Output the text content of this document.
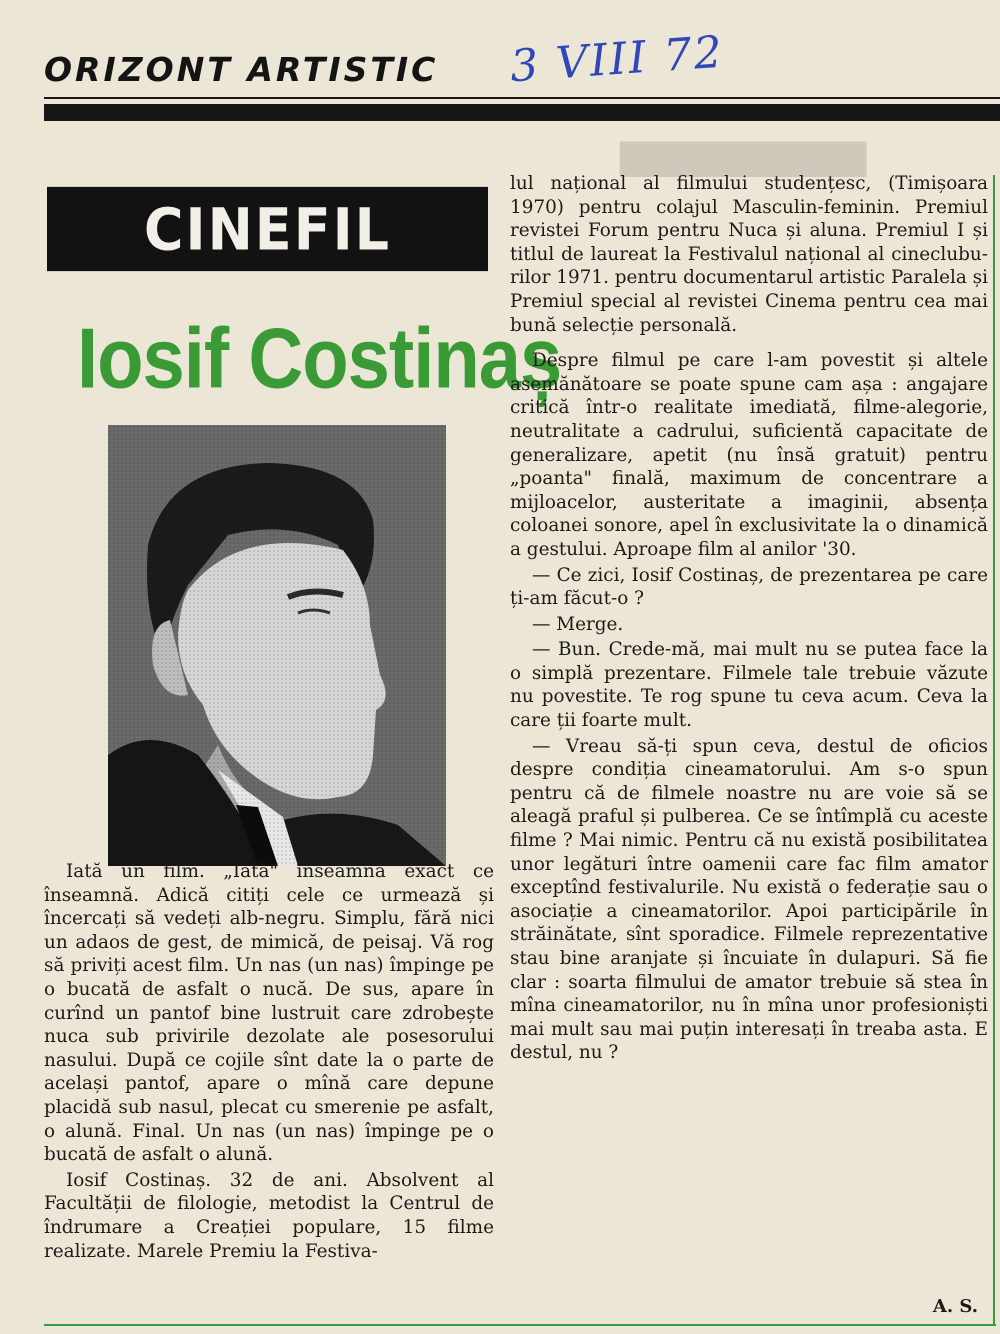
▆▆▆▆▆▆▆▆
ORIZONT ARTISTIC 3 VIII 72
CINEFIL
Iosif Costinaș

Iată un film. „Iată" înseamnă exact ce înseamnă. Adică citiți cele ce urmează și încercați să vedeți alb-negru. Simplu, fără nici un adaos de gest, de mimică, de peisaj. Vă rog să priviți acest film. Un nas (un nas) împinge pe o bucată de asfalt o nucă. De sus, apare în curînd un pantof bine lustruit care zdrobește nuca sub privirile dezolate ale posesorului nasului. După ce cojile sînt date la o parte de același pantof, apare o mînă care depune placidă sub nasul, plecat cu smerenie pe asfalt, o alună. Final. Un nas (un nas) împinge pe o bucată de asfalt o alună.

Iosif Costinaș. 32 de ani. Absolvent al Facultății de filologie, metodist la Centrul de îndrumare a Creației populare, 15 filme realizate. Marele Premiu la Festiva-

lul național al filmului studențesc, (Timișoara 1970) pentru colajul Masculin-feminin. Premiul revistei Forum pentru Nuca și aluna. Premiul I și titlul de laureat la Festivalul național al cineclubu-rilor 1971. pentru documentarul artistic Paralela și Premiul special al revistei Cinema pentru cea mai bună selecție personală.

Despre filmul pe care l-am povestit și altele asemănătoare se poate spune cam așa : angajare critică într-o realitate imediată, filme-alegorie, neutralitate a cadrului, suficientă capacitate de generalizare, apetit (nu însă gratuit) pentru „poanta" finală, maximum de concentrare a mijloacelor, austeritate a imaginii, absența coloanei sonore, apel în exclusivitate la o dinamică a gestului. Aproape film al anilor '30.

— Ce zici, Iosif Costinaș, de prezentarea pe care ți-am făcut-o ?

— Merge.

— Bun. Crede-mă, mai mult nu se putea face la o simplă prezentare. Filmele tale trebuie văzute nu povestite. Te rog spune tu ceva acum. Ceva la care ții foarte mult.

— Vreau să-ți spun ceva, destul de oficios despre condiția cineamatorului. Am s-o spun pentru că de filmele noastre nu are voie să se aleagă praful și pulberea. Ce se întîmplă cu aceste filme ? Mai nimic. Pentru că nu există posibilitatea unor legături între oamenii care fac film amator exceptînd festivalurile. Nu există o federație sau o asociație a cineamatorilor. Apoi participările în străinătate, sînt sporadice. Filmele reprezentative stau bine aranjate și încuiate în dulapuri. Să fie clar : soarta filmului de amator trebuie să stea în mîna cineamatorilor, nu în mîna unor profesioniști mai mult sau mai puțin interesați în treaba asta. E destul, nu ?

A. S.
